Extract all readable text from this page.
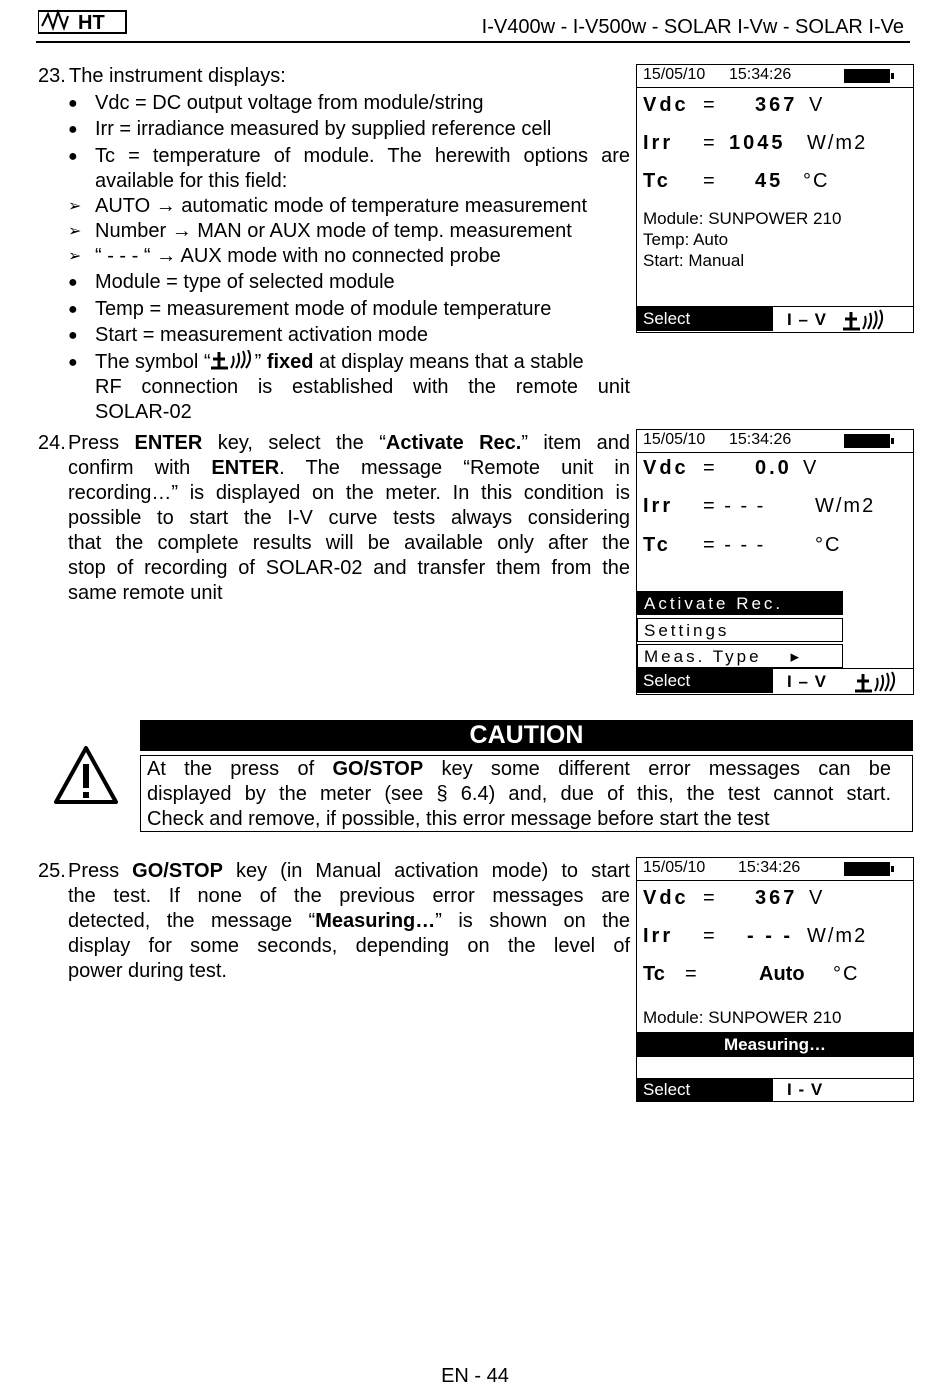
HT	I-V400w - I-V500w - SOLAR I-Vw - SOLAR I-Ve
23. The instrument displays:
● Vdc = DC output voltage from module/string
● Irr = irradiance measured by supplied reference cell
● Tc = temperature of module. The herewith options are
available for this field:
➢ AUTO → automatic mode of temperature measurement
➢ Number → MAN or AUX mode of temp. measurement
➢ “ - - - “ → AUX mode with no connected probe
● Module = type of selected module
● Temp = measurement mode of module temperature
● Start = measurement activation mode
● The symbol “ ” fixed at display means that a stable
RF connection is established with the remote unit
SOLAR-02
15/05/10 15:34:26
Vdc = 367 V
Irr = 1045 W/m2
Tc = 45 °C
Module: SUNPOWER 210
Temp: Auto
Start: Manual
Select	I – V
24. Press ENTER key, select the “Activate Rec.” item and
confirm with ENTER. The message “Remote unit in
recording…” is displayed on the meter. In this condition is
possible to start the I-V curve tests always considering
that the complete results will be available only after the
stop of recording of SOLAR-02 and transfer them from the
same remote unit
15/05/10 15:34:26
Vdc = 0.0 V
Irr = - - - W/m2
Tc = - - - °C
Activate Rec.
Settings
Meas. Type ▸
Select	I – V
CAUTION
At the press of GO/STOP key some different error messages can be
displayed by the meter (see § 6.4) and, due of this, the test cannot start.
Check and remove, if possible, this error message before start the test
25. Press GO/STOP key (in Manual activation mode) to start
the test. If none of the previous error messages are
detected, the message “Measuring…” is shown on the
display for some seconds, depending on the level of
power during test.
15/05/10 15:34:26
Vdc = 367 V
Irr = - - - W/m2
Tc =	Auto °C
Module: SUNPOWER 210
Measuring…
Select	I - V
EN - 44
